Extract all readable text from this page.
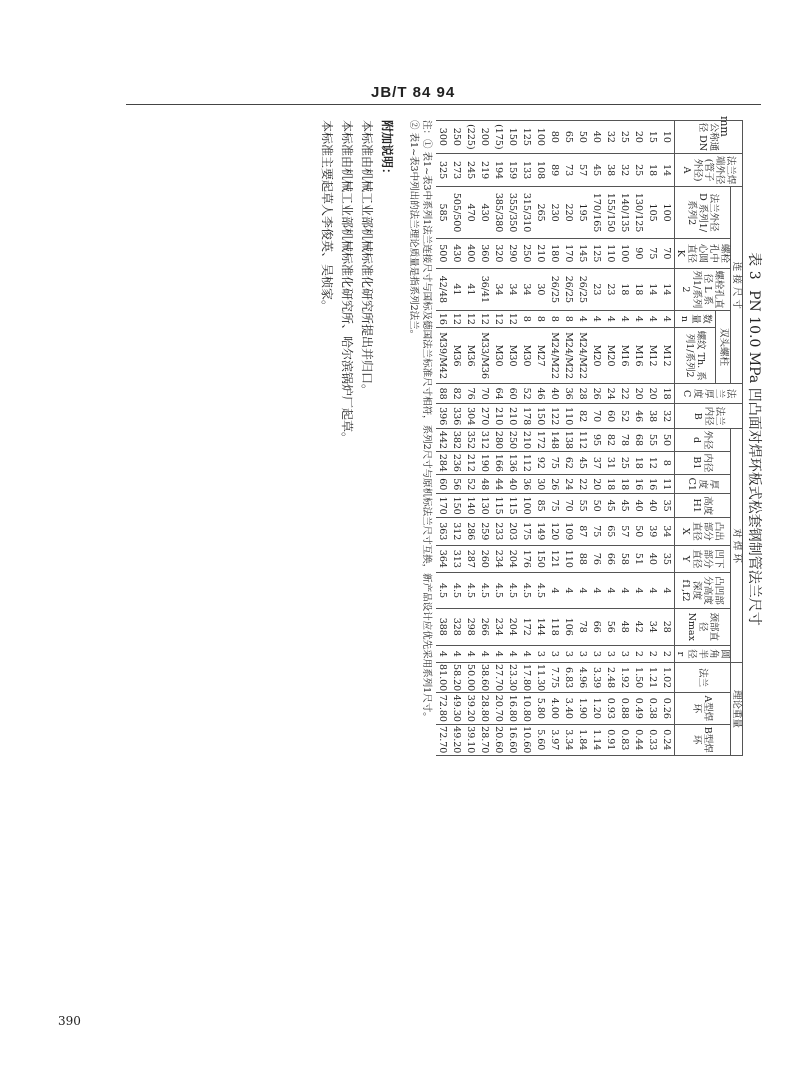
JB/T 84 94
mm
表 3 PN 10.0 MPa 凹凸面对焊环板式松套钢制管法兰尺寸
公称通径 DN	法兰焊端外径(管子外径) A	连 接 尺 寸					法兰厚度 C	法兰内径 B	对 焊 环									理论重量		
		法兰外径 D 系列1/系列2	螺栓孔中心圆直径 K	螺栓孔直径 L 系列1/系列2	双头螺柱				外径 d	内径 B1	厚度 C1	高度 H1	凸出部分直径 X	凹下部分直径 Y	凸凹部分高度深度 f1,f2	颈部直径 Nmax	圆角半径 r	法兰	A型焊环	B型焊环
					数量 n	螺纹 Th. 系列1/系列2														
10	14	100	70	14	4	M12	18	32	50	8	11	35	34	35	4	28	2	1.02	0.26	0.24
15	18	105	75	14	4	M12	20	38	55	12	16	40	39	40	4	34	2	1.21	0.38	0.33
20	25	130/125	90	18	4	M16	20	46	68	18	16	40	50	51	4	42	2	1.50	0.49	0.44
25	32	140/135	100	18	4	M16	22	52	78	25	18	45	57	58	4	48	3	1.92	0.88	0.83
32	38	155/150	110	23	4	M20	24	60	82	31	18	45	65	66	4	56	3	2.48	0.93	0.91
40	45	170/165	125	23	4	M20	26	70	95	37	20	50	75	76	4	66	3	3.39	1.20	1.14
50	57	195	145	26/25	4	M24/M22	28	82	112	45	22	55	87	88	4	78	3	4.96	1.90	1.84
65	73	220	170	26/25	8	M24/M22	36	110	138	62	24	70	109	110	4	106	3	6.83	3.40	3.34
80	89	230	180	26/25	8	M24/M22	40	122	148	75	26	75	120	121	4	118	3	7.75	4.00	3.97
100	108	265	210	30	8	M27	46	150	172	92	30	85	149	150	4.5	144	3	11.30	5.80	5.60
125	133	315/310	250	34	8	M30	52	178	210	112	36	100	175	176	4.5	172	4	17.80	10.80	10.60
150	159	355/350	290	34	12	M30	60	210	250	136	40	115	203	204	4.5	204	4	23.30	16.80	16.60
(175)	194	385/380	320	34	12	M30	64	210	280	166	44	115	233	234	4.5	234	4	27.70	20.70	20.60
200	219	430	360	36/41	12	M33/M36	70	270	312	190	48	130	259	260	4.5	266	4	38.60	28.80	28.70
(225)	245	470	400	41	12	M36	76	304	352	212	52	140	286	287	4.5	298	4	50.00	39.20	39.10
250	273	505/500	430	41	12	M36	82	336	382	236	56	150	312	313	4.5	328	4	58.20	49.30	49.20
300	325	585	500	42/48	16	M39/M42	88	396	442	284	60	170	363	364	4.5	388	4	81.00	72.80	72.70
注：① 表1~表3中系列1法兰连接尺寸与国标及德国法兰标准尺寸相符，系列2尺寸与原机标法兰尺寸互换，新产品设计应优先采用系列1尺寸。
② 表1~表3中列出的法兰理论质量是指系列2法兰。
附加说明：
本标准由机械工业部机械标准化研究所提出并归口。
本标准由机械工业部机械标准化研究所、哈尔滨锅炉厂起草。
本标准主要起草人李俊英、吴桢家。
390
